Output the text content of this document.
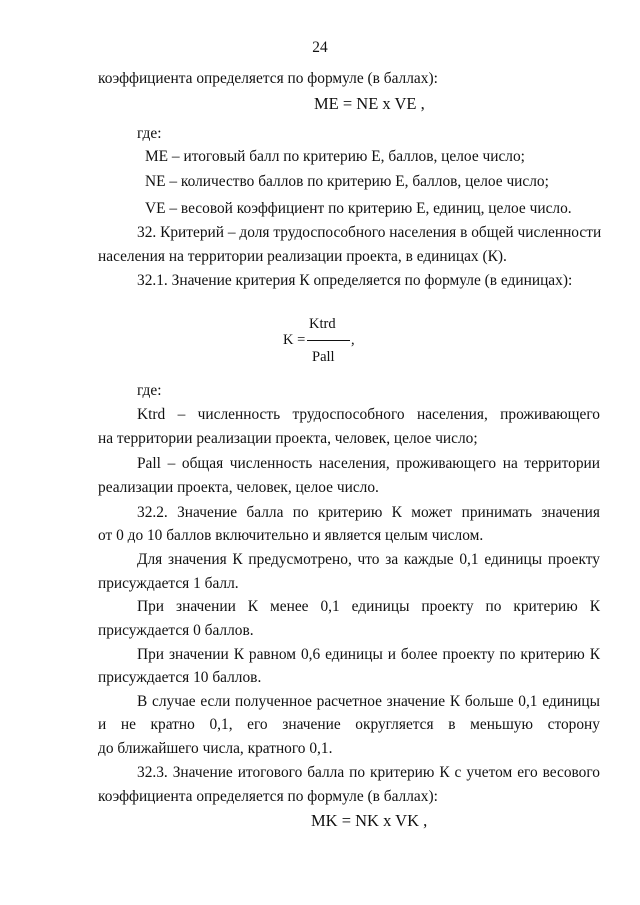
24
коэффициента определяется по формуле (в баллах):
ME = NE x VE ,
где:
ME – итоговый балл по критерию Е, баллов, целое число;
NE – количество баллов по критерию Е, баллов, целое число;
VE – весовой коэффициент по критерию Е, единиц, целое число.
32. Критерий – доля трудоспособного населения в общей численности
населения на территории реализации проекта, в единицах (К).
32.1. Значение критерия К определяется по формуле (в единицах):
Ktrd
K =	,
Pall
где:
Ktrd – численность трудоспособного населения, проживающего
на территории реализации проекта, человек, целое число;
Pall – общая численность населения, проживающего на территории
реализации проекта, человек, целое число.
32.2. Значение балла по критерию К может принимать значения
от 0 до 10 баллов включительно и является целым числом.
Для значения К предусмотрено, что за каждые 0,1 единицы проекту
присуждается 1 балл.
При значении К менее 0,1 единицы проекту по критерию К
присуждается 0 баллов.
При значении К равном 0,6 единицы и более проекту по критерию К
присуждается 10 баллов.
В случае если полученное расчетное значение К больше 0,1 единицы
и не кратно 0,1, его значение округляется в меньшую сторону
до ближайшего числа, кратного 0,1.
32.3. Значение итогового балла по критерию К с учетом его весового
коэффициента определяется по формуле (в баллах):
MK = NK x VK ,
